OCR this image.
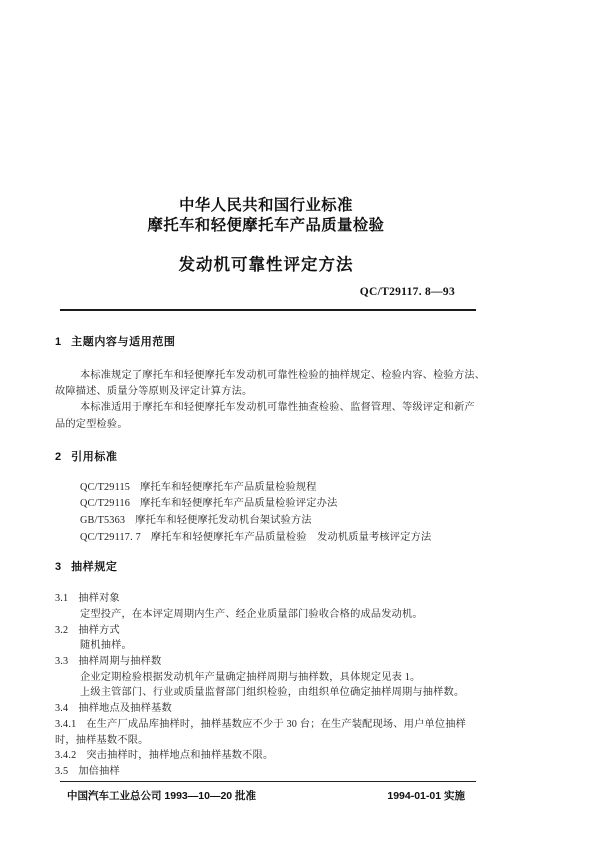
中华人民共和国行业标准
摩托车和轻便摩托车产品质量检验
发动机可靠性评定方法
QC/T29117. 8—93
1 主题内容与适用范围
本标准规定了摩托车和轻便摩托车发动机可靠性检验的抽样规定、检验内容、检验方法、
故障描述、质量分等原则及评定计算方法。
本标准适用于摩托车和轻便摩托车发动机可靠性抽查检验、监督管理、等级评定和新产
品的定型检验。
2 引用标准
QC/T29115 摩托车和轻便摩托车产品质量检验规程
QC/T29116 摩托车和轻便摩托车产品质量检验评定办法
GB/T5363 摩托车和轻便摩托发动机台架试验方法
QC/T29117. 7 摩托车和轻便摩托车产品质量检验　发动机质量考核评定方法
3 抽样规定
3.1 抽样对象
定型投产，在本评定周期内生产、经企业质量部门验收合格的成品发动机。
3.2 抽样方式
随机抽样。
3.3 抽样周期与抽样数
企业定期检验根据发动机年产量确定抽样周期与抽样数，具体规定见表 1。
上级主管部门、行业或质量监督部门组织检验，由组织单位确定抽样周期与抽样数。
3.4 抽样地点及抽样基数
3.4.1 在生产厂成品库抽样时，抽样基数应不少于 30 台；在生产装配现场、用户单位抽样
时，抽样基数不限。
3.4.2 突击抽样时，抽样地点和抽样基数不限。
3.5 加倍抽样
中国汽车工业总公司 1993—10—20 批准	1994-01-01 实施
